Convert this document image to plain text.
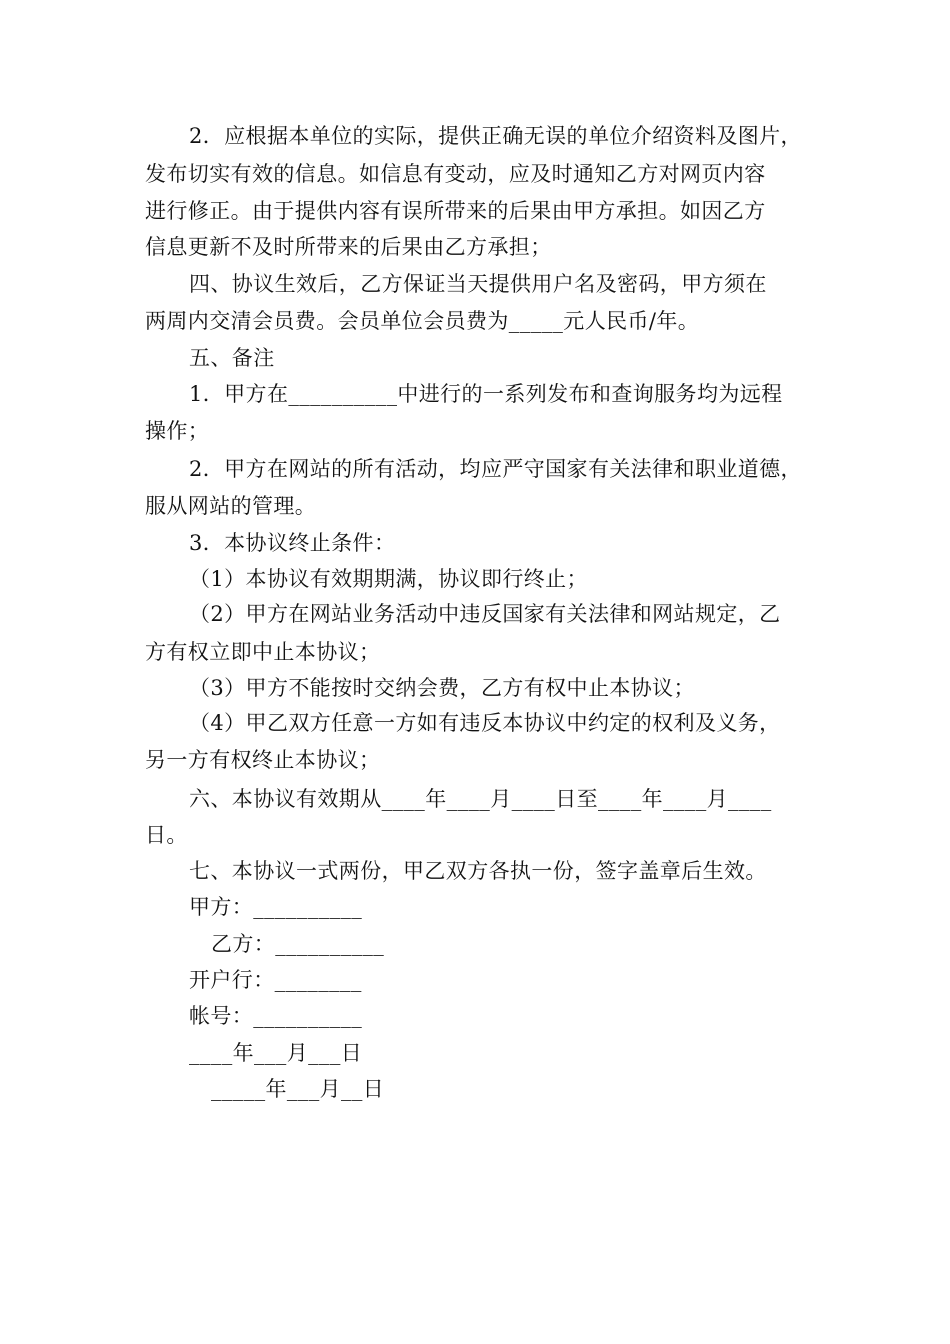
2．应根据本单位的实际，提供正确无误的单位介绍资料及图片，
发布切实有效的信息。如信息有变动，应及时通知乙方对网页内容
进行修正。由于提供内容有误所带来的后果由甲方承担。如因乙方
信息更新不及时所带来的后果由乙方承担；
四、协议生效后，乙方保证当天提供用户名及密码，甲方须在
两周内交清会员费。会员单位会员费为_____元人民币/年。
五、备注
1．甲方在__________中进行的一系列发布和查询服务均为远程
操作；
2．甲方在网站的所有活动，均应严守国家有关法律和职业道德，
服从网站的管理。
3．本协议终止条件：
（1）本协议有效期期满，协议即行终止；
（2）甲方在网站业务活动中违反国家有关法律和网站规定，乙
方有权立即中止本协议；
（3）甲方不能按时交纳会费，乙方有权中止本协议；
（4）甲乙双方任意一方如有违反本协议中约定的权利及义务，
另一方有权终止本协议；
六、本协议有效期从____年____月____日至____年____月____
日。
七、本协议一式两份，甲乙双方各执一份，签字盖章后生效。
甲方：__________
乙方：__________
开户行：________
帐号：__________
____年___月___日
_____年___月__日
